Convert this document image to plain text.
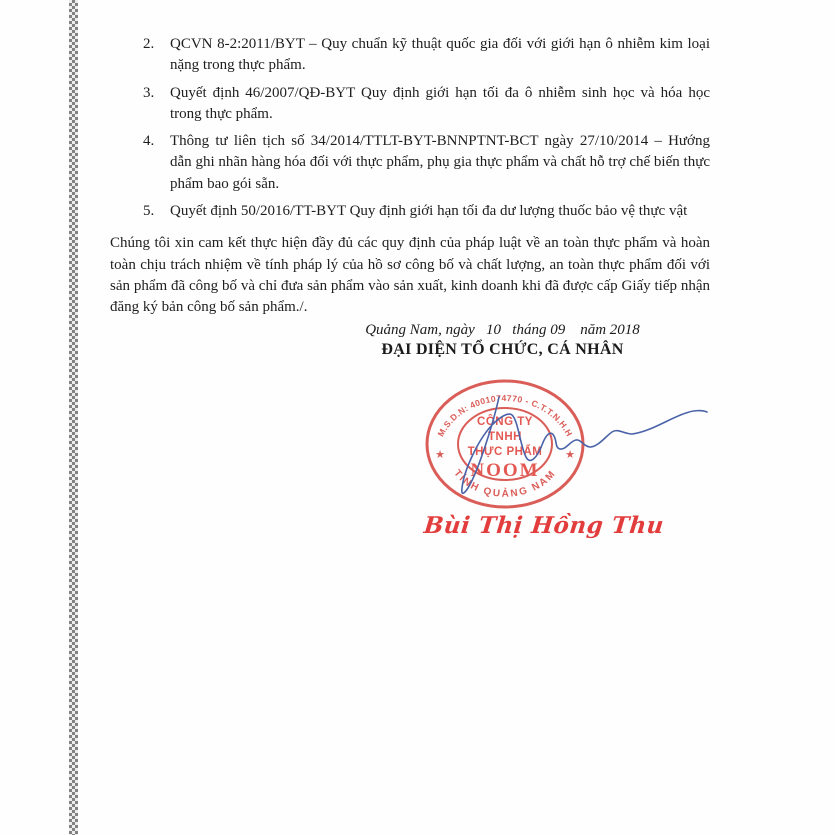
2.	QCVN 8-2:2011/BYT – Quy chuẩn kỹ thuật quốc gia đối với giới hạn ô nhiễm kim loại nặng trong thực phẩm.
3.	Quyết định 46/2007/QĐ-BYT Quy định giới hạn tối đa ô nhiễm sinh học và hóa học trong thực phẩm.
4.	Thông tư liên tịch số 34/2014/TTLT-BYT-BNNPTNT-BCT ngày 27/10/2014 – Hướng dẫn ghi nhãn hàng hóa đối với thực phẩm, phụ gia thực phẩm và chất hỗ trợ chế biến thực phẩm bao gói sẵn.
5.	Quyết định 50/2016/TT-BYT Quy định giới hạn tối đa dư lượng thuốc bảo vệ thực vật
Chúng tôi xin cam kết thực hiện đầy đủ các quy định của pháp luật về an toàn thực phẩm và hoàn toàn chịu trách nhiệm về tính pháp lý của hồ sơ công bố và chất lượng, an toàn thực phẩm đối với sản phẩm đã công bố và chỉ đưa sản phẩm vào sản xuất, kinh doanh khi đã được cấp Giấy tiếp nhận đăng ký bản công bố sản phẩm./.
Quảng Nam, ngày   10   tháng 09    năm 2018
ĐẠI DIỆN TỔ CHỨC, CÁ NHÂN
M.S.D.N: 4001074770 - C.T.T.N.H.H
TỈNH QUẢNG NAM
★	★
CÔNG TY
TNHH
THỰC PHẨM
NOOM
Bùi Thị Hồng Thu
